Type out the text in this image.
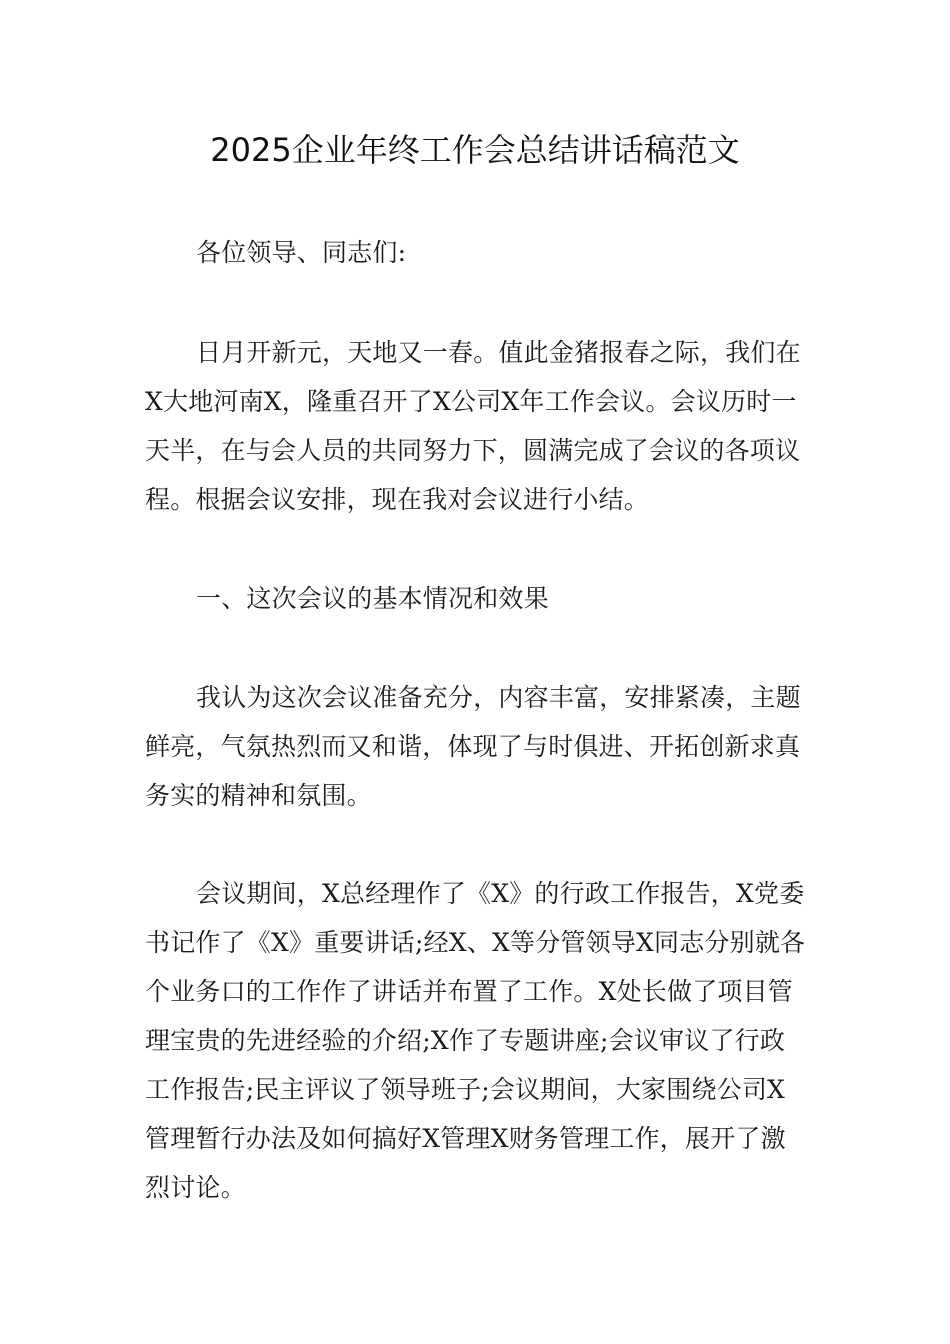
2025企业年终工作会总结讲话稿范文

各位领导、同志们:

日月开新元，天地又一春。值此金猪报春之际，我们在X大地河南X，隆重召开了X公司X年工作会议。会议历时一天半，在与会人员的共同努力下，圆满完成了会议的各项议程。根据会议安排，现在我对会议进行小结。

一、这次会议的基本情况和效果

我认为这次会议准备充分，内容丰富，安排紧凑，主题鲜亮，气氛热烈而又和谐，体现了与时俱进、开拓创新求真务实的精神和氛围。

会议期间，X总经理作了《X》的行政工作报告，X党委书记作了《X》重要讲话;经X、X等分管领导X同志分别就各个业务口的工作作了讲话并布置了工作。X处长做了项目管理宝贵的先进经验的介绍;X作了专题讲座;会议审议了行政工作报告;民主评议了领导班子;会议期间，大家围绕公司X管理暂行办法及如何搞好X管理X财务管理工作，展开了激烈讨论。
